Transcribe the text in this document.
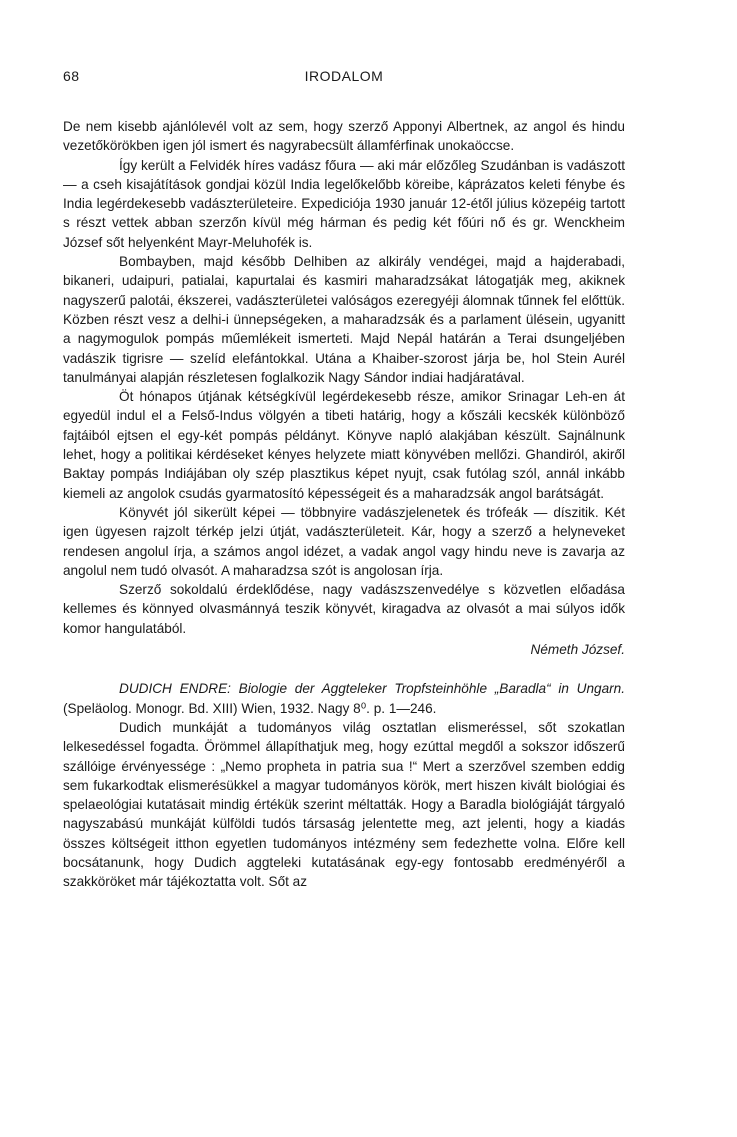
68	IRODALOM

De nem kisebb ajánlólevél volt az sem, hogy szerző Apponyi Albertnek, az angol és hindu vezetőkörökben igen jól ismert és nagyrabecsült államférfinak unokaöccse.

Így került a Felvidék híres vadász főura — aki már előzőleg Szudánban is vadászott — a cseh kisajátítások gondjai közül India legelőkelőbb köreibe, káprázatos keleti fénybe és India legérdekesebb vadászterületeire. Expediciója 1930 január 12-étől július közepéig tartott s részt vettek abban szerzőn kívül még hárman és pedig két főúri nő és gr. Wenckheim József sőt helyenként Mayr-Meluhofék is.

Bombayben, majd később Delhiben az alkirály vendégei, majd a hajderabadi, bikaneri, udaipuri, patialai, kapurtalai és kasmiri maharadzsákat látogatják meg, akiknek nagyszerű palotái, ékszerei, vadászterületei valóságos ezeregyéji álomnak tűnnek fel előttük. Közben részt vesz a delhi-i ünnepségeken, a maharadzsák és a parlament ülésein, ugyanitt a nagymogulok pompás műemlékeit ismerteti. Majd Nepál határán a Terai dsungeljében vadászik tigrisre — szelíd elefántokkal. Utána a Khaiber-szorost járja be, hol Stein Aurél tanulmányai alapján részletesen foglalkozik Nagy Sándor indiai hadjáratával.

Öt hónapos útjának kétségkívül legérdekesebb része, amikor Srinagar Leh-en át egyedül indul el a Felső-Indus völgyén a tibeti határig, hogy a kőszáli kecskék különböző fajtáiból ejtsen el egy-két pompás példányt. Könyve napló alakjában készült. Sajnálnunk lehet, hogy a politikai kérdéseket kényes helyzete miatt könyvében mellőzi. Ghandiról, akiről Baktay pompás Indiájában oly szép plasztikus képet nyujt, csak futólag szól, annál inkább kiemeli az angolok csudás gyarmatosító képességeit és a maharadzsák angol barátságát.

Könyvét jól sikerült képei — többnyire vadászjelenetek és trófeák — díszitik. Két igen ügyesen rajzolt térkép jelzi útját, vadászterületeit. Kár, hogy a szerző a helyneveket rendesen angolul írja, a számos angol idézet, a vadak angol vagy hindu neve is zavarja az angolul nem tudó olvasót. A maharadzsa szót is angolosan írja.

Szerző sokoldalú érdeklődése, nagy vadászszenvedélye s közvetlen előadása kellemes és könnyed olvasmánnyá teszik könyvét, kiragadva az olvasót a mai súlyos idők komor hangulatából.

Németh József.

DUDICH ENDRE: Biologie der Aggteleker Tropfsteinhöhle „Baradla“ in Ungarn. (Speläolog. Monogr. Bd. XIII) Wien, 1932. Nagy 8⁰. p. 1—246.

Dudich munkáját a tudományos világ osztatlan elismeréssel, sőt szokatlan lelkesedéssel fogadta. Örömmel állapíthatjuk meg, hogy ezúttal megdől a sokszor időszerű szállóige érvényessége : „Nemo propheta in patria sua !“ Mert a szerzővel szemben eddig sem fukarkodtak elismerésükkel a magyar tudományos körök, mert hiszen kivált biológiai és spelaeológiai kutatásait mindig értékük szerint méltatták. Hogy a Baradla biológiáját tárgyaló nagyszabású munkáját külföldi tudós társaság jelentette meg, azt jelenti, hogy a kiadás összes költségeit itthon egyetlen tudományos intézmény sem fedezhette volna. Előre kell bocsátanunk, hogy Dudich aggteleki kutatásának egy-egy fontosabb eredményéről a szakköröket már tájékoztatta volt. Sőt az
